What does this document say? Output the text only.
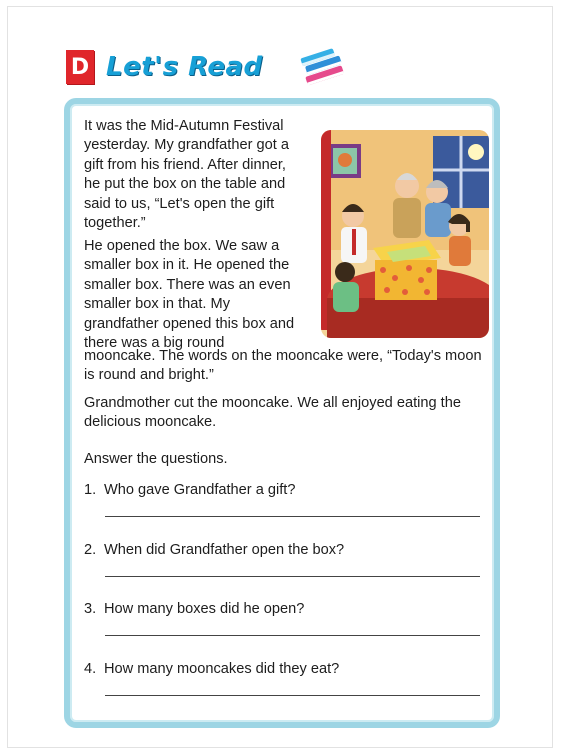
D Let's Read
It was the Mid-Autumn Festival yesterday. My grandfather got a gift from his friend. After dinner, he put the box on the table and said to us, “Let's open the gift together.”
He opened the box. We saw a smaller box in it. He opened the smaller box. There was an even smaller box in that. My grandfather opened this box and there was a big round
mooncake. The words on the mooncake were, “Today's moon is round and bright.”
Grandmother cut the mooncake. We all enjoyed eating the delicious mooncake.
Answer the questions.
1. Who gave Grandfather a gift?
2. When did Grandfather open the box?
3. How many boxes did he open?
4. How many mooncakes did they eat?
